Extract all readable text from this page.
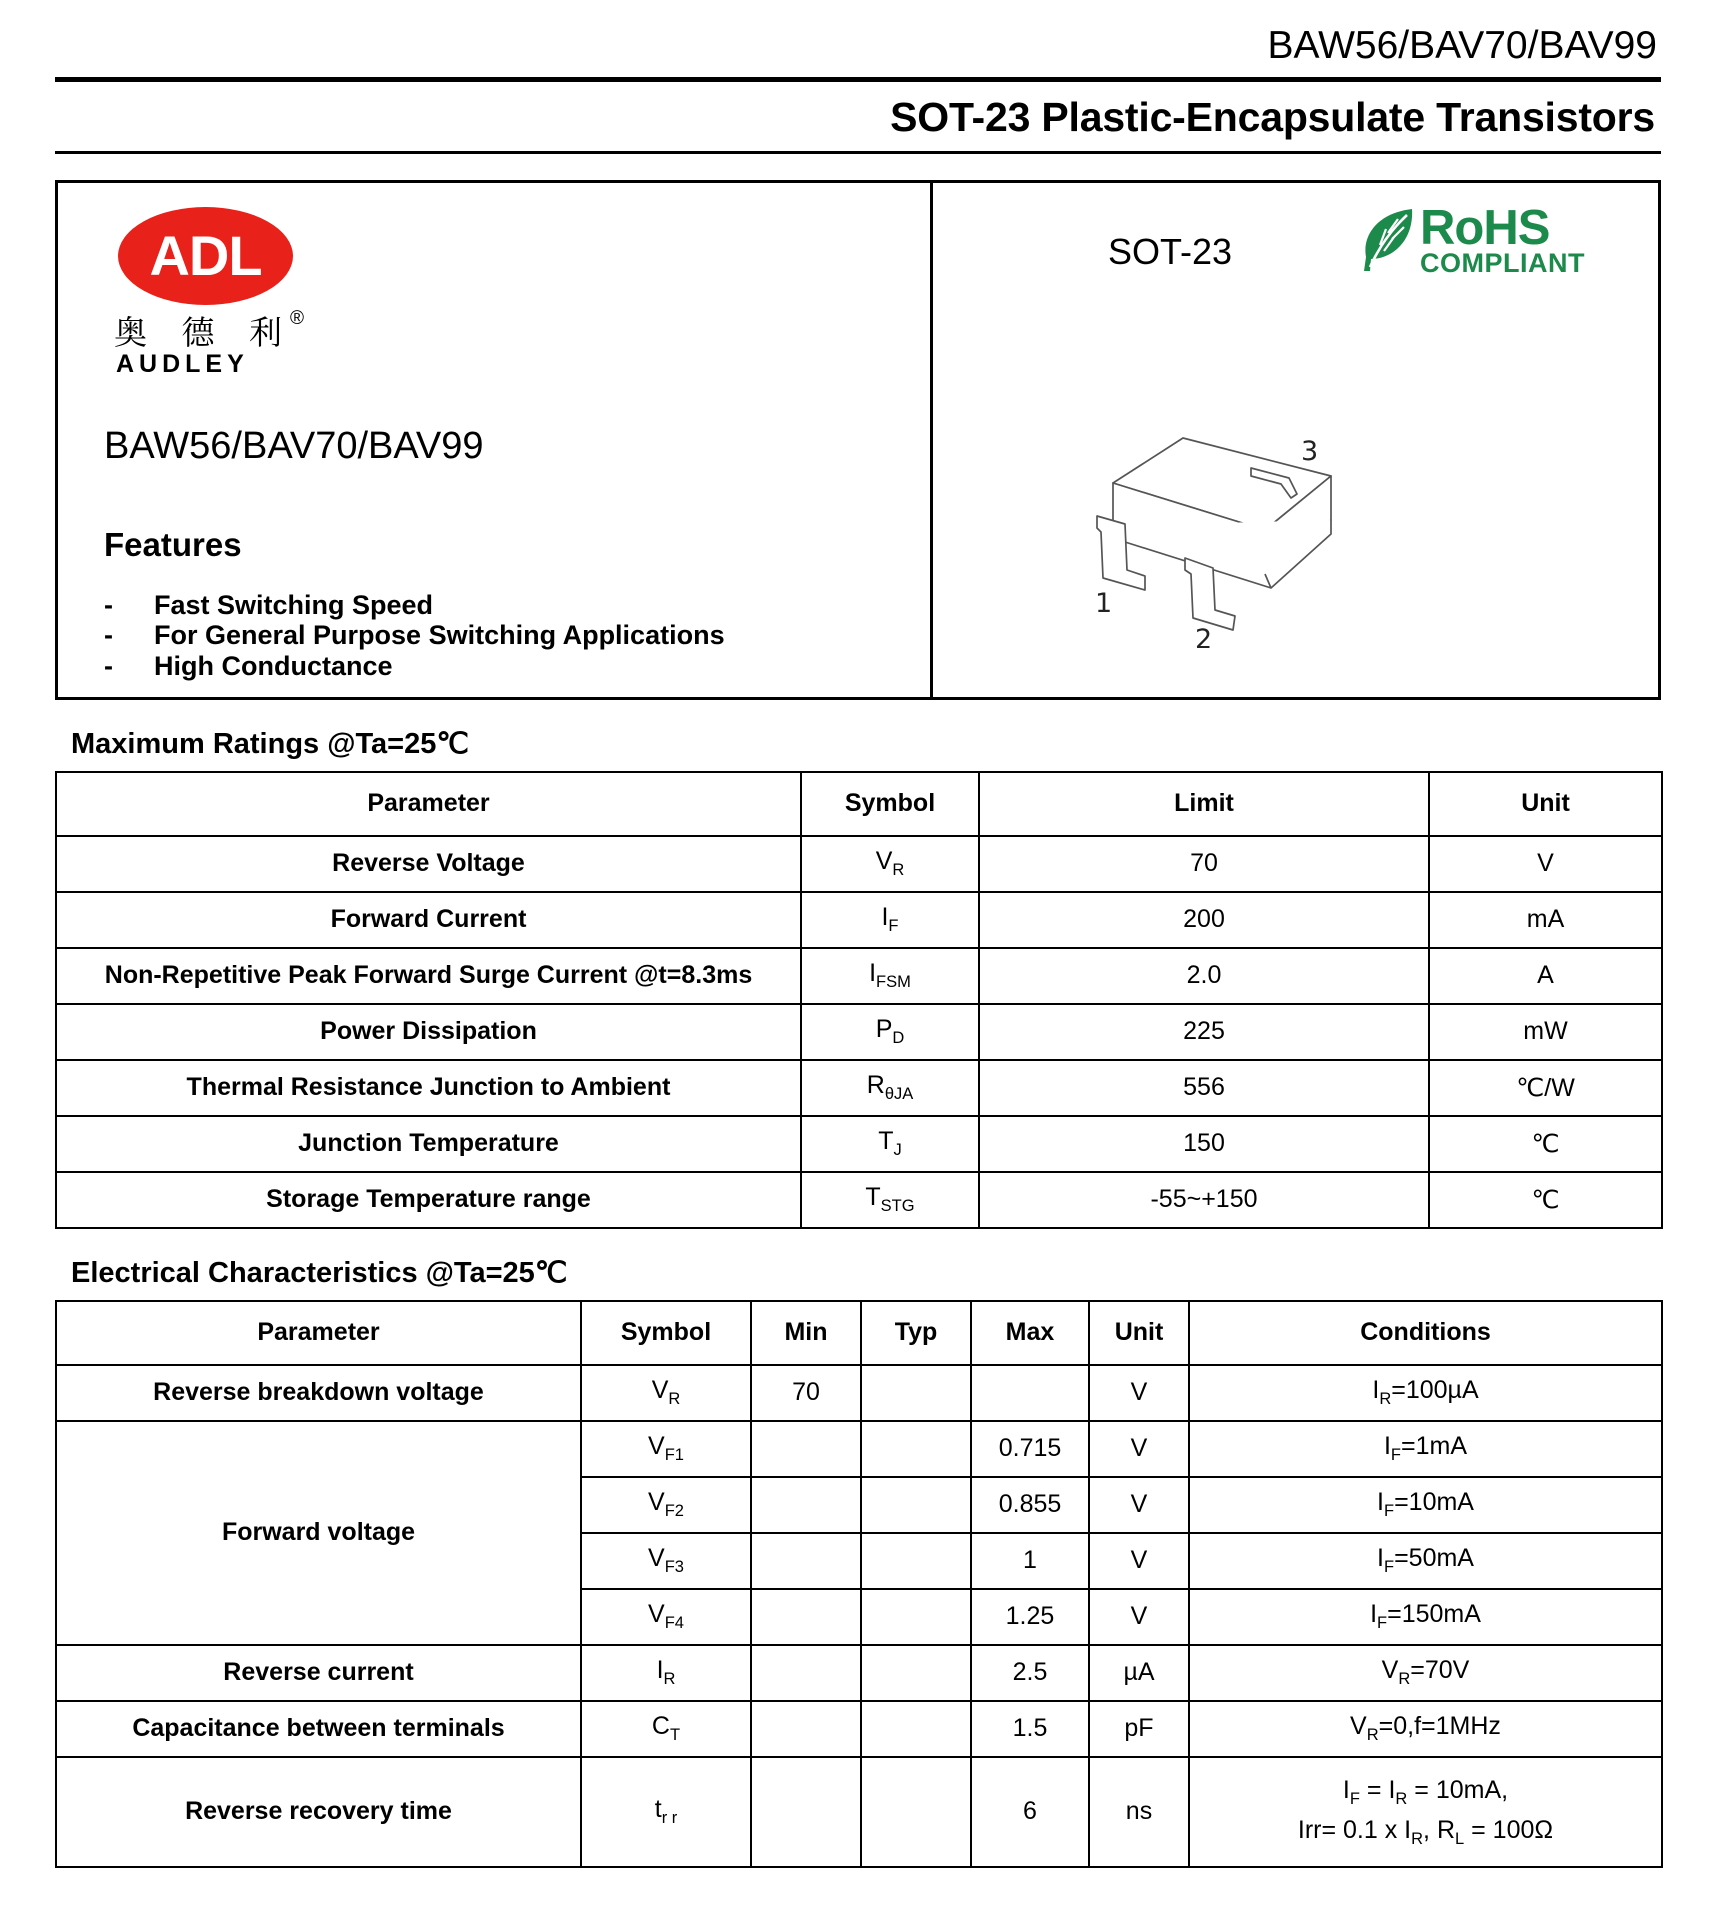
BAW56/BAV70/BAV99
SOT-23 Plastic-Encapsulate Transistors
ADL
奥 德 利®
AUDLEY
BAW56/BAV70/BAV99
Features
-	Fast Switching Speed
-	For General Purpose Switching Applications
-	High Conductance
SOT-23	RoHS
COMPLIANT
1
2
3
Maximum Ratings @Ta=25℃
Parameter	Symbol	Limit	Unit
Reverse Voltage	$V_R$	70	V
Forward Current	$I_F$	200	mA
Non-Repetitive Peak Forward Surge Current @t=8.3ms	$I_{FSM}$	2.0	A
Power Dissipation	$P_D$	225	mW
Thermal Resistance Junction to Ambient	$R_{\theta JA}$	556	℃/W
Junction Temperature	$T_J$	150	℃
Storage Temperature range	$T_{STG}$	-55~+150	℃
Electrical Characteristics @Ta=25℃
Parameter	Symbol	Min	Typ	Max	Unit	Conditions
Reverse breakdown voltage	$V_R$	70			V	$I_R=100\mu A$
Forward voltage	$V_{F1}$			0.715	V	$I_F=1mA$
	$V_{F2}$			0.855	V	$I_F=10mA$
	$V_{F3}$			1	V	$I_F=50mA$
	$V_{F4}$			1.25	V	$I_F=150mA$
Reverse current	$I_R$			2.5	µA	$V_R=70V$
Capacitance between terminals	$C_T$			1.5	pF	$V_R=0,f=1MHz$
Reverse recovery time	$t_{r r}$			6	ns	$I_F = I_R = 10mA$,
Irr= 0.1 x $I_R$, $R_L = 100\Omega$
